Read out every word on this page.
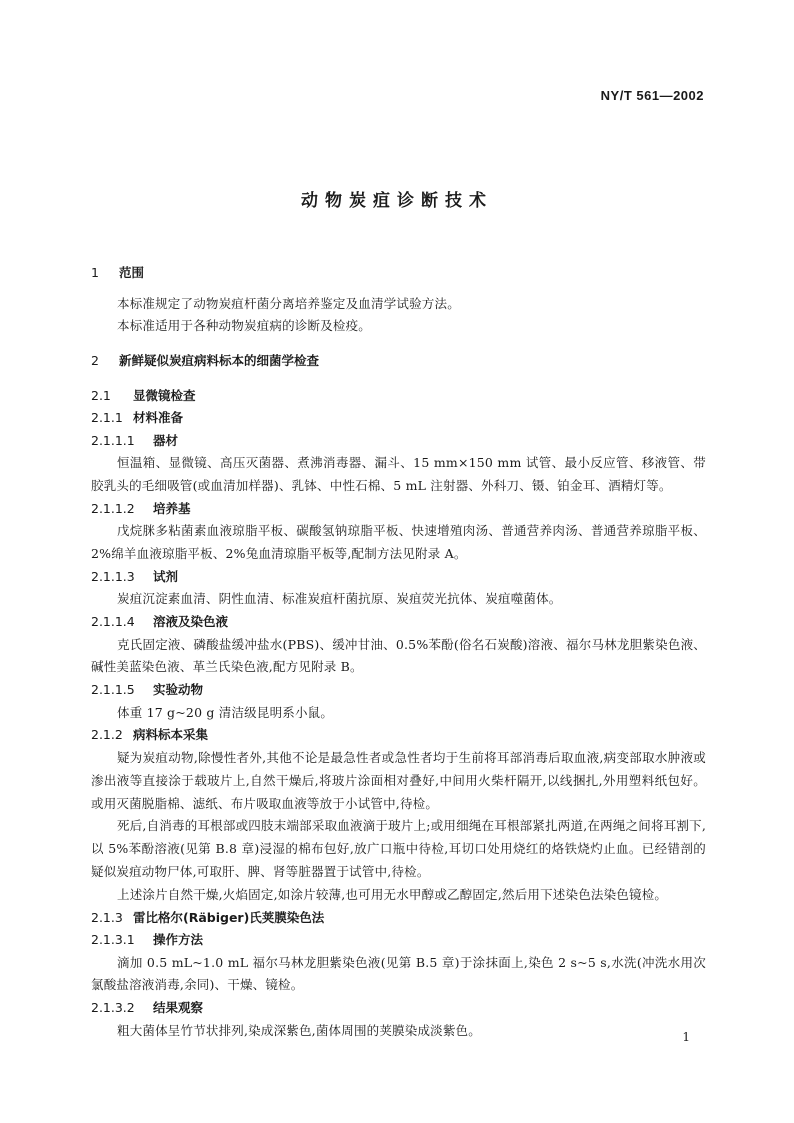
NY/T 561—2002
动物炭疽诊断技术
1 范围
本标准规定了动物炭疽杆菌分离培养鉴定及血清学试验方法。
本标准适用于各种动物炭疽病的诊断及检疫。
2 新鲜疑似炭疽病料标本的细菌学检查
2.1 显微镜检查
2.1.1 材料准备
2.1.1.1 器材
恒温箱、显微镜、高压灭菌器、煮沸消毒器、漏斗、15 mm×150 mm 试管、最小反应管、移液管、带胶乳头的毛细吸管(或血清加样器)、乳钵、中性石棉、5 mL 注射器、外科刀、镊、铂金耳、酒精灯等。
2.1.1.2 培养基
戊烷脒多粘菌素血液琼脂平板、碳酸氢钠琼脂平板、快速增殖肉汤、普通营养肉汤、普通营养琼脂平板、2%绵羊血液琼脂平板、2%兔血清琼脂平板等,配制方法见附录 A。
2.1.1.3 试剂
炭疽沉淀素血清、阴性血清、标准炭疽杆菌抗原、炭疽荧光抗体、炭疽噬菌体。
2.1.1.4 溶液及染色液
克氏固定液、磷酸盐缓冲盐水(PBS)、缓冲甘油、0.5%苯酚(俗名石炭酸)溶液、福尔马林龙胆紫染色液、碱性美蓝染色液、革兰氏染色液,配方见附录 B。
2.1.1.5 实验动物
体重 17 g~20 g 清洁级昆明系小鼠。
2.1.2 病料标本采集
疑为炭疽动物,除慢性者外,其他不论是最急性者或急性者均于生前将耳部消毒后取血液,病变部取水肿液或渗出液等直接涂于载玻片上,自然干燥后,将玻片涂面相对叠好,中间用火柴杆隔开,以线捆扎,外用塑料纸包好。或用灭菌脱脂棉、滤纸、布片吸取血液等放于小试管中,待检。
死后,自消毒的耳根部或四肢末端部采取血液滴于玻片上;或用细绳在耳根部紧扎两道,在两绳之间将耳割下,以 5%苯酚溶液(见第 B.8 章)浸湿的棉布包好,放广口瓶中待检,耳切口处用烧红的烙铁烧灼止血。已经错剖的疑似炭疽动物尸体,可取肝、脾、肾等脏器置于试管中,待检。
上述涂片自然干燥,火焰固定,如涂片较薄,也可用无水甲醇或乙醇固定,然后用下述染色法染色镜检。
2.1.3 雷比格尔(Räbiger)氏荚膜染色法
2.1.3.1 操作方法
滴加 0.5 mL~1.0 mL 福尔马林龙胆紫染色液(见第 B.5 章)于涂抹面上,染色 2 s~5 s,水洗(冲洗水用次氯酸盐溶液消毒,余同)、干燥、镜检。
2.1.3.2 结果观察
粗大菌体呈竹节状排列,染成深紫色,菌体周围的荚膜染成淡紫色。	1
